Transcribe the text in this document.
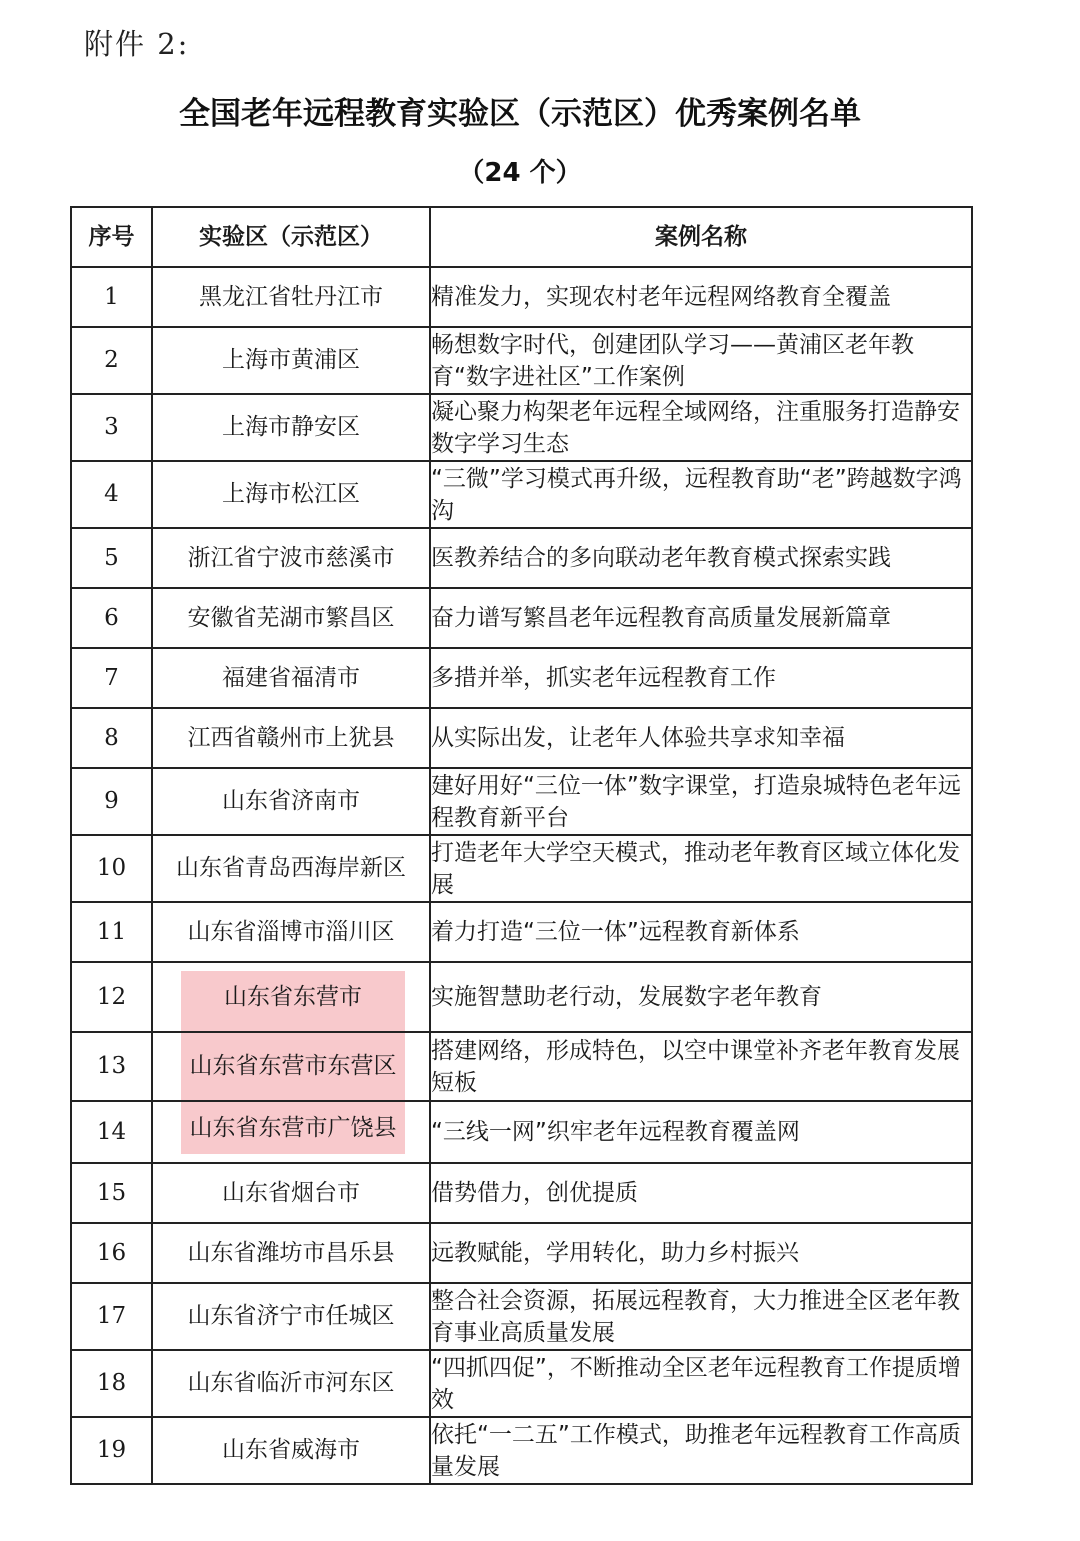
附件 2:
全国老年远程教育实验区（示范区）优秀案例名单
（24 个）
序号	实验区（示范区）	案例名称
1	黑龙江省牡丹江市	精准发力，实现农村老年远程网络教育全覆盖
2	上海市黄浦区	畅想数字时代，创建团队学习——黄浦区老年教育“数字进社区”工作案例
3	上海市静安区	凝心聚力构架老年远程全域网络，注重服务打造静安数字学习生态
4	上海市松江区	“三微”学习模式再升级，远程教育助“老”跨越数字鸿沟
5	浙江省宁波市慈溪市	医教养结合的多向联动老年教育模式探索实践
6	安徽省芜湖市繁昌区	奋力谱写繁昌老年远程教育高质量发展新篇章
7	福建省福清市	多措并举，抓实老年远程教育工作
8	江西省赣州市上犹县	从实际出发，让老年人体验共享求知幸福
9	山东省济南市	建好用好“三位一体”数字课堂，打造泉城特色老年远程教育新平台
10	山东省青岛西海岸新区	打造老年大学空天模式，推动老年教育区域立体化发展
11	山东省淄博市淄川区	着力打造“三位一体”远程教育新体系
12	山东省东营市	实施智慧助老行动，发展数字老年教育
13	山东省东营市东营区	搭建网络，形成特色，以空中课堂补齐老年教育发展短板
14	山东省东营市广饶县	“三线一网”织牢老年远程教育覆盖网
15	山东省烟台市	借势借力，创优提质
16	山东省潍坊市昌乐县	远教赋能，学用转化，助力乡村振兴
17	山东省济宁市任城区	整合社会资源，拓展远程教育，大力推进全区老年教育事业高质量发展
18	山东省临沂市河东区	“四抓四促”，不断推动全区老年远程教育工作提质增效
19	山东省威海市	依托“一二五”工作模式，助推老年远程教育工作高质量发展
